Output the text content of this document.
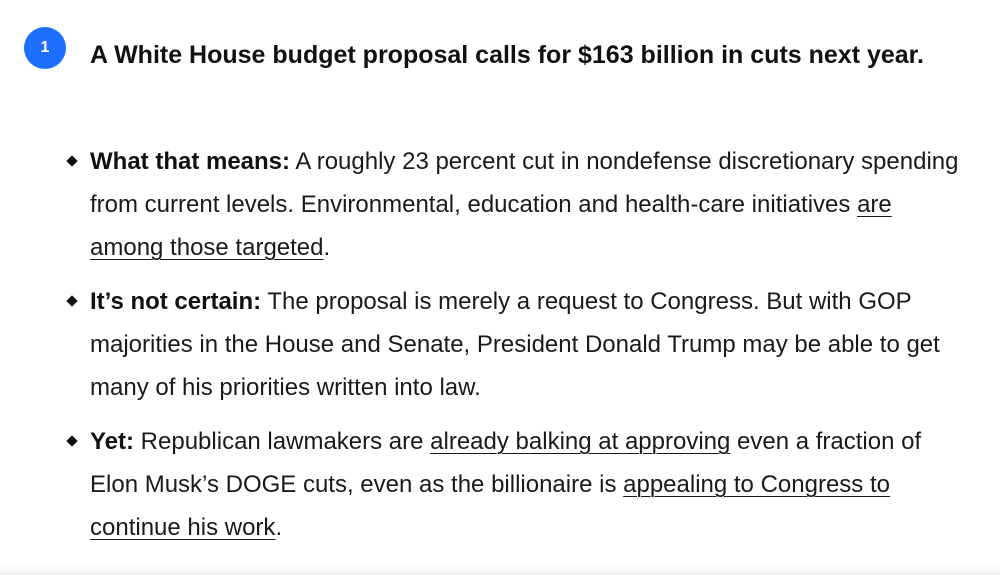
1 A White House budget proposal calls for $163 billion in cuts next year.
What that means: A roughly 23 percent cut in nondefense discretionary spending from current levels. Environmental, education and health-care initiatives are among those targeted.
It’s not certain: The proposal is merely a request to Congress. But with GOP majorities in the House and Senate, President Donald Trump may be able to get many of his priorities written into law.
Yet: Republican lawmakers are already balking at approving even a fraction of Elon Musk’s DOGE cuts, even as the billionaire is appealing to Congress to continue his work.
